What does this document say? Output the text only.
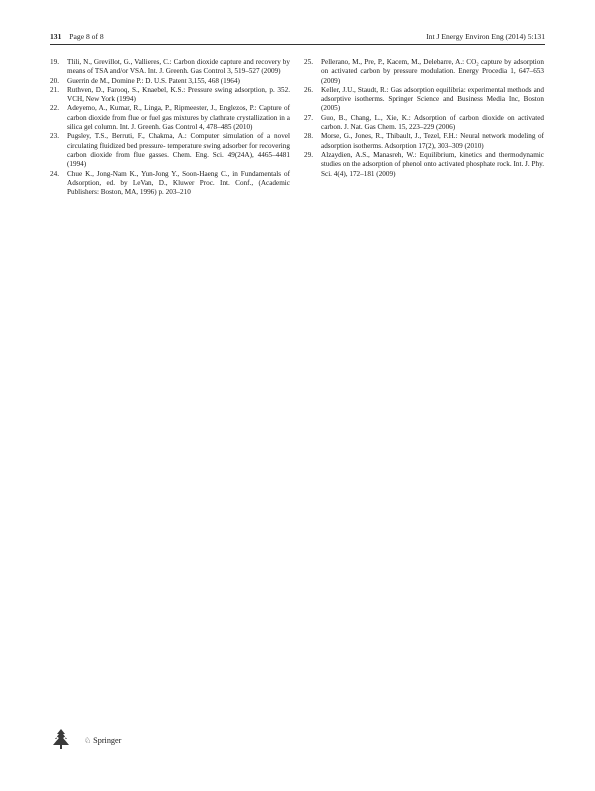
131 Page 8 of 8	Int J Energy Environ Eng (2014) 5:131

19. Tlili, N., Grevillot, G., Vallieres, C.: Carbon dioxide capture and recovery by means of TSA and/or VSA. Int. J. Greenh. Gas Control 3, 519–527 (2009)

20. Guerrin de M., Domine P.: D. U.S. Patent 3,155, 468 (1964)

21. Ruthven, D., Farooq, S., Knaebel, K.S.: Pressure swing adsorption, p. 352. VCH, New York (1994)

22. Adeyemo, A., Kumar, R., Linga, P., Ripmeester, J., Englezos, P.: Capture of carbon dioxide from flue or fuel gas mixtures by clathrate crystallization in a silica gel column. Int. J. Greenh. Gas Control 4, 478–485 (2010)

23. Pugsley, T.S., Berruti, F., Chakma, A.: Computer simulation of a novel circulating fluidized bed pressure- temperature swing adsorber for recovering carbon dioxide from flue gasses. Chem. Eng. Sci. 49(24A), 4465–4481 (1994)

24. Chue K., Jong-Nam K., Yun-Jong Y., Soon-Haeng C., in Fundamentals of Adsorption, ed. by LeVan, D., Kluwer Proc. Int. Conf., (Academic Publishers: Boston, MA, 1996) p. 203–210

25. Pellerano, M., Pre, P., Kacem, M., Delebarre, A.: CO₂ capture by adsorption on activated carbon by pressure modulation. Energy Procedia 1, 647–653 (2009)

26. Keller, J.U., Staudt, R.: Gas adsorption equilibria: experimental methods and adsorptive isotherms. Springer Science and Business Media Inc, Boston (2005)

27. Guo, B., Chang, L., Xie, K.: Adsorption of carbon dioxide on activated carbon. J. Nat. Gas Chem. 15, 223–229 (2006)

28. Morse, G., Jones, R., Thibault, J., Tezel, F.H.: Neural network modeling of adsorption isotherms. Adsorption 17(2), 303–309 (2010)

29. Alzaydien, A.S., Manasreh, W.: Equilibrium, kinetics and thermodynamic studies on the adsorption of phenol onto activated phosphate rock. Int. J. Phy. Sci. 4(4), 172–181 (2009)

♘ Springer
